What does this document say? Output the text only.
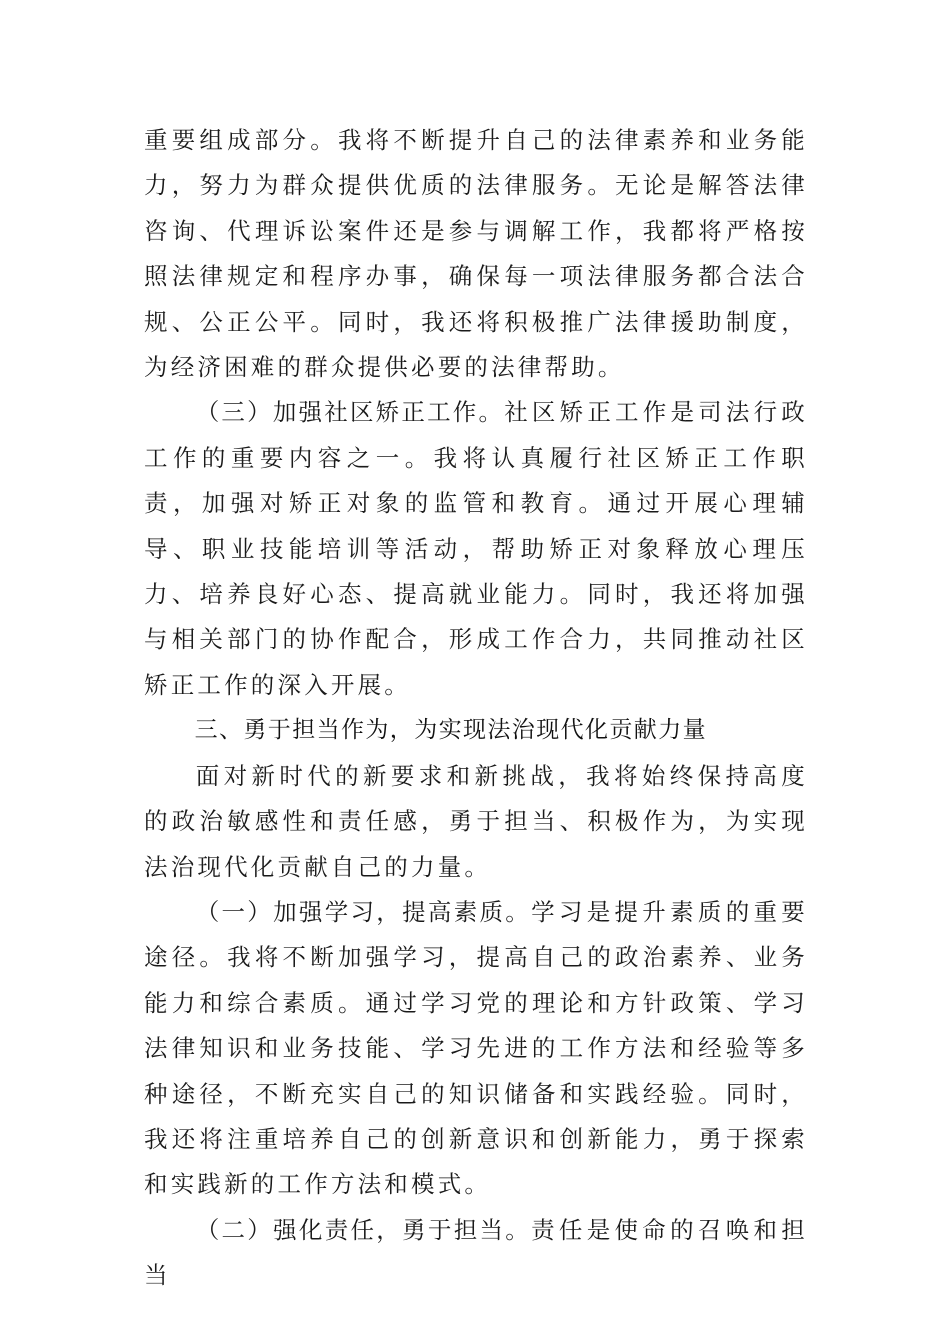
重要组成部分。我将不断提升自己的法律素养和业务能力，努力为群众提供优质的法律服务。无论是解答法律咨询、代理诉讼案件还是参与调解工作，我都将严格按照法律规定和程序办事，确保每一项法律服务都合法合规、公正公平。同时，我还将积极推广法律援助制度，为经济困难的群众提供必要的法律帮助。

（三）加强社区矫正工作。社区矫正工作是司法行政工作的重要内容之一。我将认真履行社区矫正工作职责，加强对矫正对象的监管和教育。通过开展心理辅导、职业技能培训等活动，帮助矫正对象释放心理压力、培养良好心态、提高就业能力。同时，我还将加强与相关部门的协作配合，形成工作合力，共同推动社区矫正工作的深入开展。

三、勇于担当作为，为实现法治现代化贡献力量

面对新时代的新要求和新挑战，我将始终保持高度的政治敏感性和责任感，勇于担当、积极作为，为实现法治现代化贡献自己的力量。

（一）加强学习，提高素质。学习是提升素质的重要途径。我将不断加强学习，提高自己的政治素养、业务能力和综合素质。通过学习党的理论和方针政策、学习法律知识和业务技能、学习先进的工作方法和经验等多种途径，不断充实自己的知识储备和实践经验。同时，我还将注重培养自己的创新意识和创新能力，勇于探索和实践新的工作方法和模式。

（二）强化责任，勇于担当。责任是使命的召唤和担当
